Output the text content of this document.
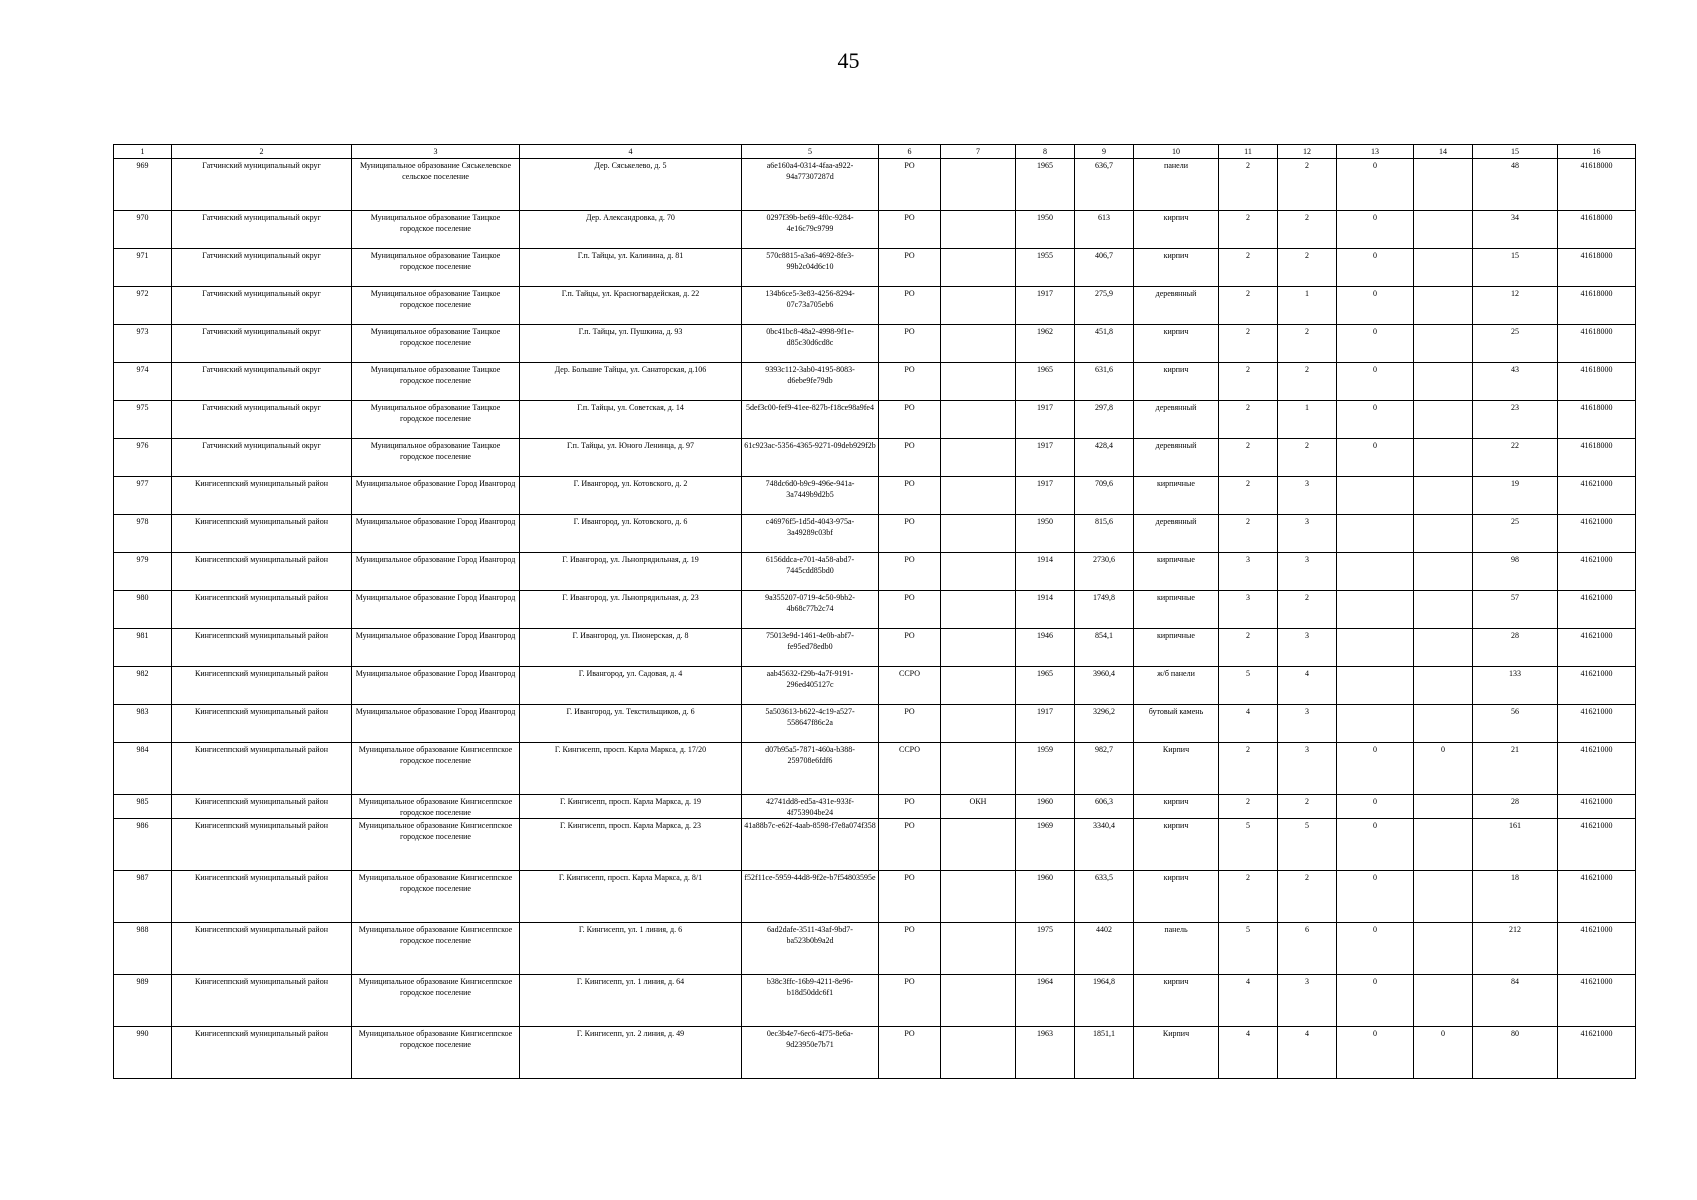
45
1	2	3	4	5	6	7	8	9	10	11	12	13	14	15	16
969	Гатчинский муниципальный округ	Муниципальное образование Сяськелевское сельское поселение	Дер. Сяськелево, д. 5	a6e160a4-0314-4faa-a922-94a77307287d	РО		1965	636,7	панели	2	2	0		48	41618000
970	Гатчинский муниципальный округ	Муниципальное образование Таицкое городское поселение	Дер. Александровка, д. 70	0297f39b-be69-4f0c-9284-4e16c79c9799	РО		1950	613	кирпич	2	2	0		34	41618000
971	Гатчинский муниципальный округ	Муниципальное образование Таицкое городское поселение	Г.п. Тайцы, ул. Калинина, д. 81	570c8815-a3a6-4692-8fe3-99b2c04d6c10	РО		1955	406,7	кирпич	2	2	0		15	41618000
972	Гатчинский муниципальный округ	Муниципальное образование Таицкое городское поселение	Г.п. Тайцы, ул. Красногвардейская, д. 22	134b6ce5-3e83-4256-8294-07c73a705eb6	РО		1917	275,9	деревянный	2	1	0		12	41618000
973	Гатчинский муниципальный округ	Муниципальное образование Таицкое городское поселение	Г.п. Тайцы, ул. Пушкина, д. 93	0bc41bc8-48a2-4998-9f1e-d85c30d6cd8c	РО		1962	451,8	кирпич	2	2	0		25	41618000
974	Гатчинский муниципальный округ	Муниципальное образование Таицкое городское поселение	Дер. Большие Тайцы, ул. Санаторская, д.106	9393c112-3ab0-4195-8083-d6ebe9fe79db	РО		1965	631,6	кирпич	2	2	0		43	41618000
975	Гатчинский муниципальный округ	Муниципальное образование Таицкое городское поселение	Г.п. Тайцы, ул. Советская, д. 14	5def3c00-fef9-41ee-827b-f18ce98a9fe4	РО		1917	297,8	деревянный	2	1	0		23	41618000
976	Гатчинский муниципальный округ	Муниципальное образование Таицкое городское поселение	Г.п. Тайцы, ул. Юного Ленинца, д. 97	61c923ac-5356-4365-9271-09deb929f2b	РО		1917	428,4	деревянный	2	2	0		22	41618000
977	Кингисеппский муниципальный район	Муниципальное образование Город Ивангород	Г. Ивангород, ул. Котовского, д. 2	748dc6d0-b9c9-496e-941a-3a7449b9d2b5	РО		1917	709,6	кирпичные	2	3			19	41621000
978	Кингисеппский муниципальный район	Муниципальное образование Город Ивангород	Г. Ивангород, ул. Котовского, д. 6	c46976f5-1d5d-4043-975a-3a49289c03bf	РО		1950	815,6	деревянный	2	3			25	41621000
979	Кингисеппский муниципальный район	Муниципальное образование Город Ивангород	Г. Ивангород, ул. Льнопрядильная, д. 19	6156ddca-e701-4a58-abd7-7445cdd85bd0	РО		1914	2730,6	кирпичные	3	3			98	41621000
980	Кингисеппский муниципальный район	Муниципальное образование Город Ивангород	Г. Ивангород, ул. Льнопрядильная, д. 23	9a355207-0719-4c50-9bb2-4b68c77b2c74	РО		1914	1749,8	кирпичные	3	2			57	41621000
981	Кингисеппский муниципальный район	Муниципальное образование Город Ивангород	Г. Ивангород, ул. Пионерская, д. 8	75013e9d-1461-4e0b-abf7-fe95ed78edb0	РО		1946	854,1	кирпичные	2	3			28	41621000
982	Кингисеппский муниципальный район	Муниципальное образование Город Ивангород	Г. Ивангород, ул. Садовая, д. 4	aab45632-f29b-4a7f-9191-296ed405127c	ССРО		1965	3960,4	ж/б панели	5	4			133	41621000
983	Кингисеппский муниципальный район	Муниципальное образование Город Ивангород	Г. Ивангород, ул. Текстильщиков, д. 6	5a503613-b622-4c19-a527-558647f86c2a	РО		1917	3296,2	бутовый камень	4	3			56	41621000
984	Кингисеппский муниципальный район	Муниципальное образование Кингисеппское городское поселение	Г. Кингисепп, просп. Карла Маркса, д. 17/20	d07b95a5-7871-460a-b388-259708e6fdf6	ССРО		1959	982,7	Кирпич	2	3	0	0	21	41621000
985	Кингисеппский муниципальный район	Муниципальное образование Кингисеппское городское поселение	Г. Кингисепп, просп. Карла Маркса, д. 19	42741dd8-ed5a-431e-933f-4f753904be24	РО	ОКН	1960	606,3	кирпич	2	2	0		28	41621000
986	Кингисеппский муниципальный район	Муниципальное образование Кингисеппское городское поселение	Г. Кингисепп, просп. Карла Маркса, д. 23	41a88b7c-e62f-4aab-8598-f7e8a074f358	РО		1969	3340,4	кирпич	5	5	0		161	41621000
987	Кингисеппский муниципальный район	Муниципальное образование Кингисеппское городское поселение	Г. Кингисепп, просп. Карла Маркса, д. 8/1	f52f11ce-5959-44d8-9f2e-b7f54803595e	РО		1960	633,5	кирпич	2	2	0		18	41621000
988	Кингисеппский муниципальный район	Муниципальное образование Кингисеппское городское поселение	Г. Кингисепп, ул. 1 линия, д. 6	6ad2dafe-3511-43af-9bd7-ba523b0b9a2d	РО		1975	4402	панель	5	6	0		212	41621000
989	Кингисеппский муниципальный район	Муниципальное образование Кингисеппское городское поселение	Г. Кингисепп, ул. 1 линия, д. 64	b38c3ffc-16b9-4211-8e96-b18d50ddc6f1	РО		1964	1964,8	кирпич	4	3	0		84	41621000
990	Кингисеппский муниципальный район	Муниципальное образование Кингисеппское городское поселение	Г. Кингисепп, ул. 2 линия, д. 49	0ec3b4e7-6ec6-4f75-8e6a-9d23950e7b71	РО		1963	1851,1	Кирпич	4	4	0	0	80	41621000
